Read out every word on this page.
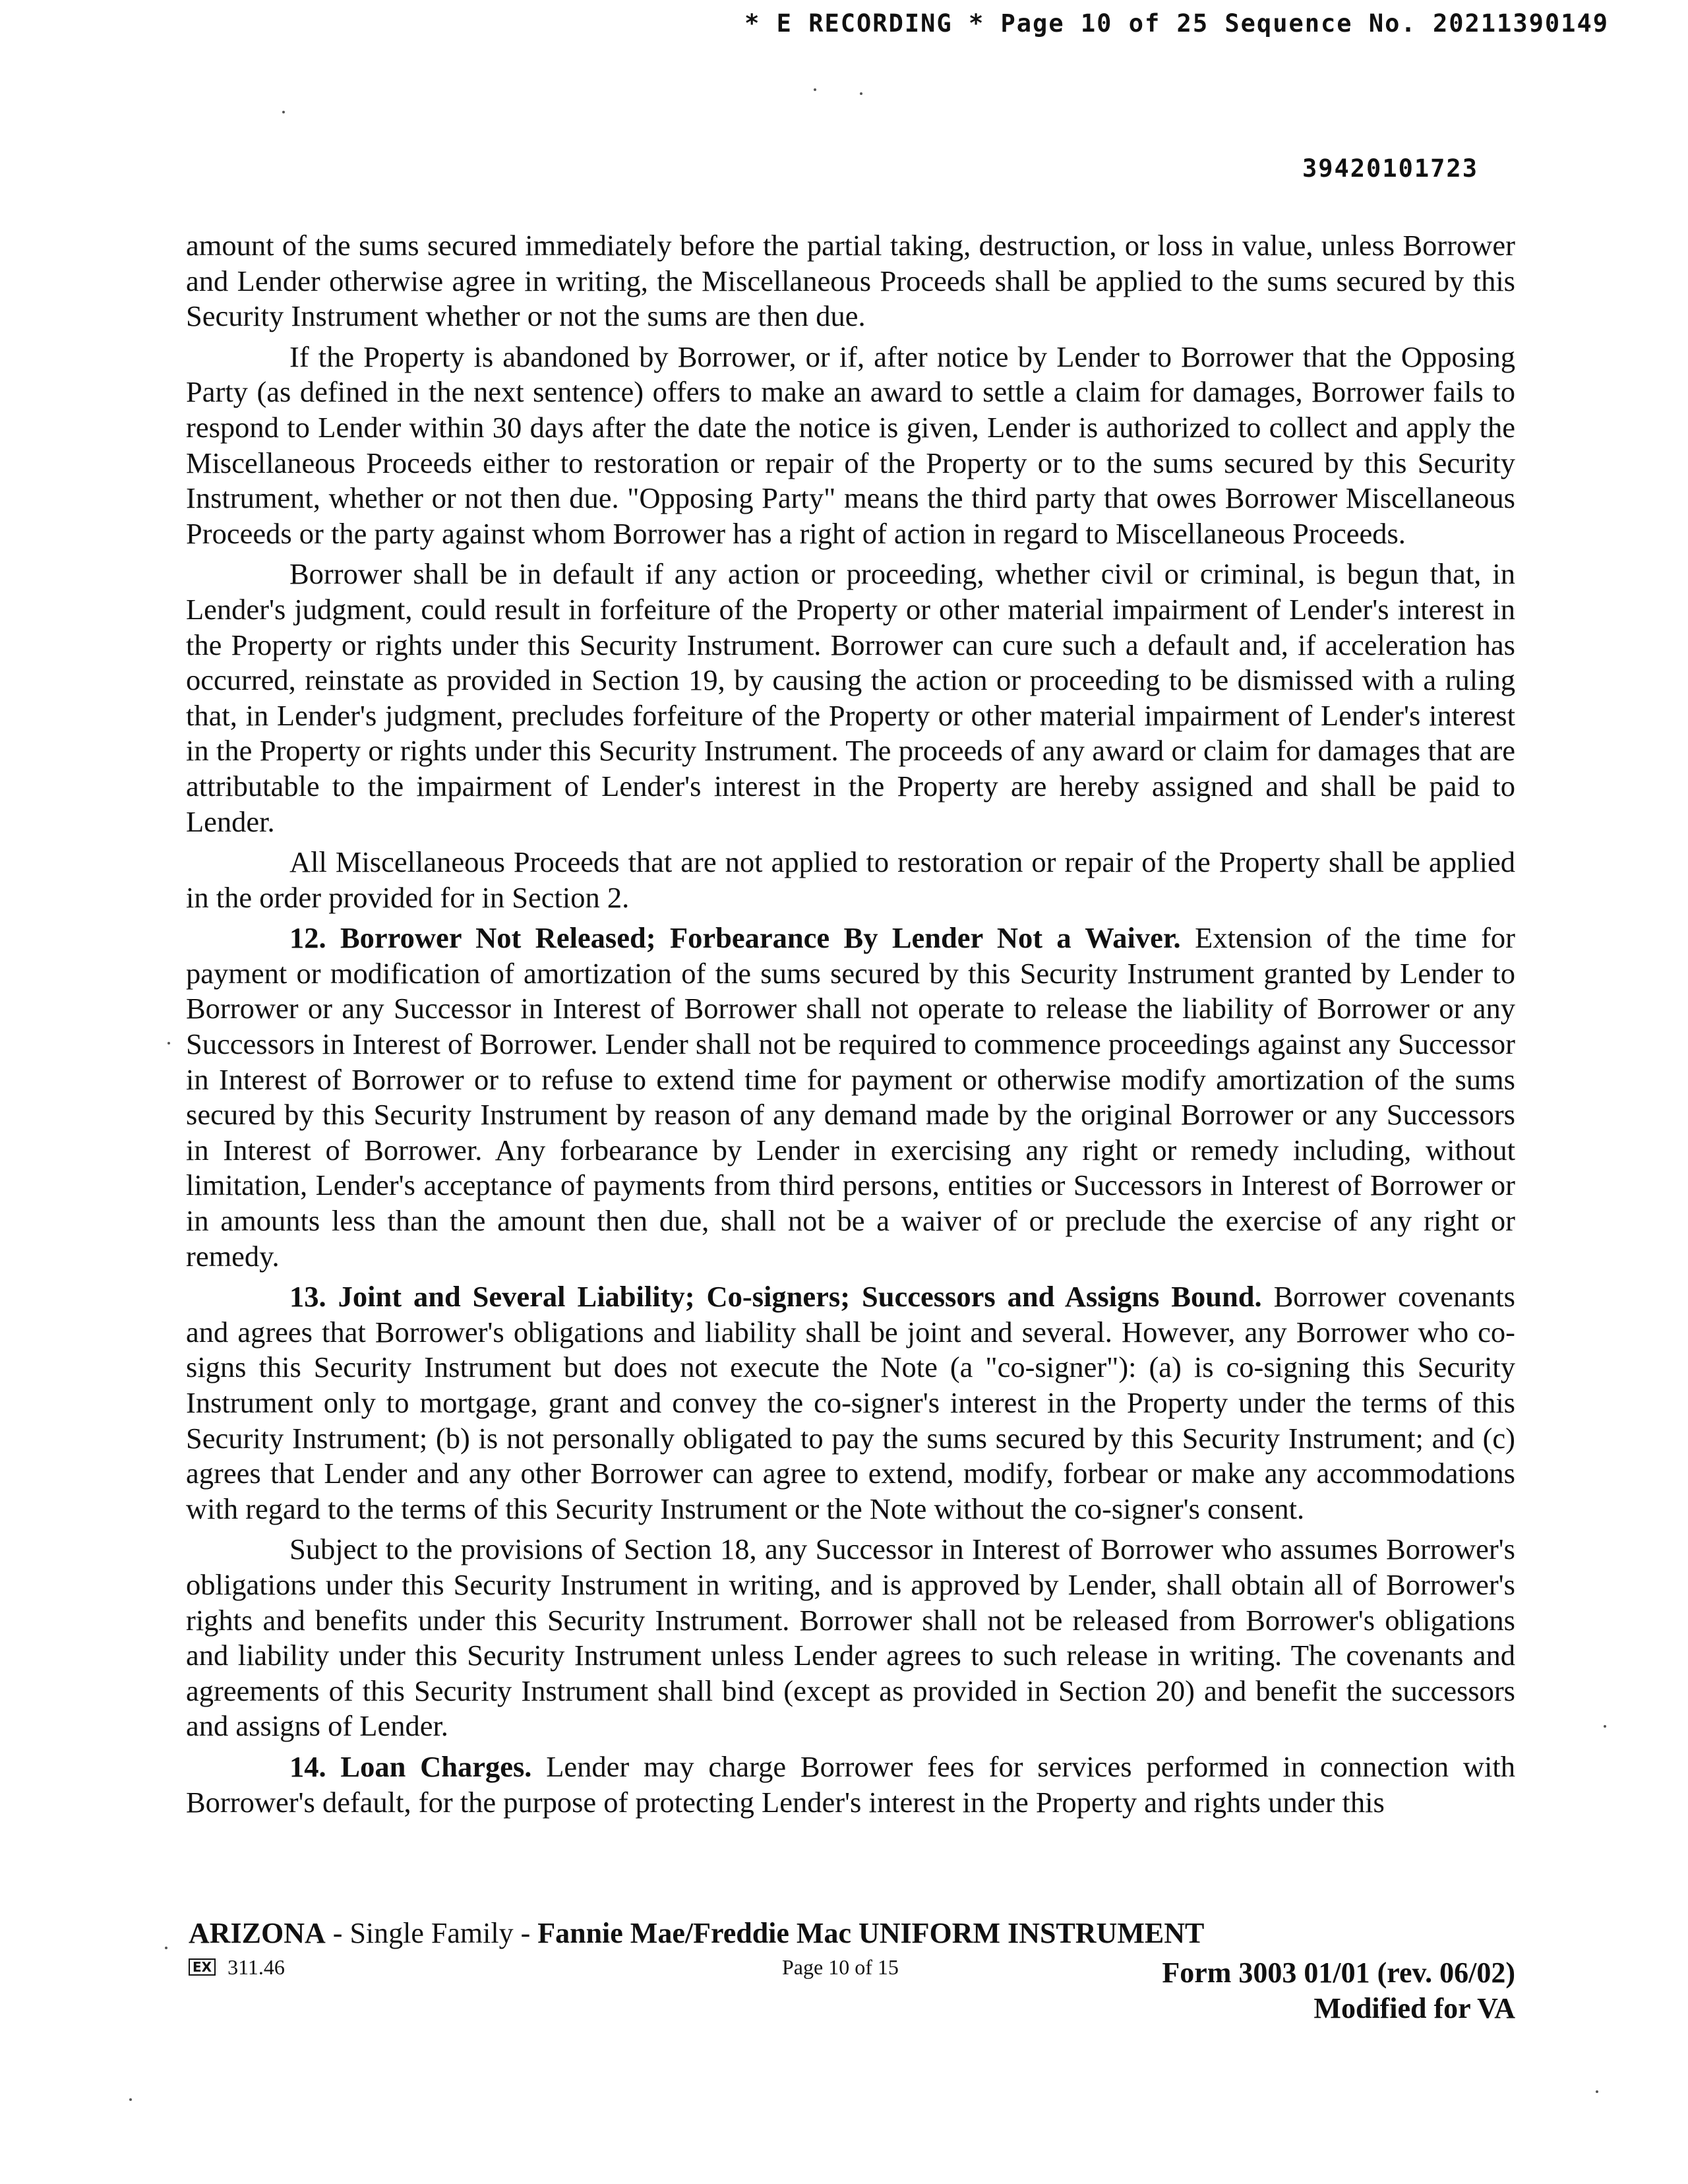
* E RECORDING * Page 10 of 25 Sequence No. 20211390149
39420101723

amount of the sums secured immediately before the partial taking, destruction, or loss in value, unless Borrower and Lender otherwise agree in writing, the Miscellaneous Proceeds shall be applied to the sums secured by this Security Instrument whether or not the sums are then due.

If the Property is abandoned by Borrower, or if, after notice by Lender to Borrower that the Opposing Party (as defined in the next sentence) offers to make an award to settle a claim for damages, Borrower fails to respond to Lender within 30 days after the date the notice is given, Lender is authorized to collect and apply the Miscellaneous Proceeds either to restoration or repair of the Property or to the sums secured by this Security Instrument, whether or not then due. "Opposing Party" means the third party that owes Borrower Miscellaneous Proceeds or the party against whom Borrower has a right of action in regard to Miscellaneous Proceeds.

Borrower shall be in default if any action or proceeding, whether civil or criminal, is begun that, in Lender's judgment, could result in forfeiture of the Property or other material impairment of Lender's interest in the Property or rights under this Security Instrument. Borrower can cure such a default and, if acceleration has occurred, reinstate as provided in Section 19, by causing the action or proceeding to be dismissed with a ruling that, in Lender's judgment, precludes forfeiture of the Property or other material impairment of Lender's interest in the Property or rights under this Security Instrument. The proceeds of any award or claim for damages that are attributable to the impairment of Lender's interest in the Property are hereby assigned and shall be paid to Lender.

All Miscellaneous Proceeds that are not applied to restoration or repair of the Property shall be applied in the order provided for in Section 2.

12. Borrower Not Released; Forbearance By Lender Not a Waiver. Extension of the time for payment or modification of amortization of the sums secured by this Security Instrument granted by Lender to Borrower or any Successor in Interest of Borrower shall not operate to release the liability of Borrower or any Successors in Interest of Borrower. Lender shall not be required to commence proceedings against any Successor in Interest of Borrower or to refuse to extend time for payment or otherwise modify amortization of the sums secured by this Security Instrument by reason of any demand made by the original Borrower or any Successors in Interest of Borrower. Any forbearance by Lender in exercising any right or remedy including, without limitation, Lender's acceptance of payments from third persons, entities or Successors in Interest of Borrower or in amounts less than the amount then due, shall not be a waiver of or preclude the exercise of any right or remedy.

13. Joint and Several Liability; Co-signers; Successors and Assigns Bound. Borrower covenants and agrees that Borrower's obligations and liability shall be joint and several. However, any Borrower who co-signs this Security Instrument but does not execute the Note (a "co-signer"): (a) is co-signing this Security Instrument only to mortgage, grant and convey the co-signer's interest in the Property under the terms of this Security Instrument; (b) is not personally obligated to pay the sums secured by this Security Instrument; and (c) agrees that Lender and any other Borrower can agree to extend, modify, forbear or make any accommodations with regard to the terms of this Security Instrument or the Note without the co-signer's consent.

Subject to the provisions of Section 18, any Successor in Interest of Borrower who assumes Borrower's obligations under this Security Instrument in writing, and is approved by Lender, shall obtain all of Borrower's rights and benefits under this Security Instrument. Borrower shall not be released from Borrower's obligations and liability under this Security Instrument unless Lender agrees to such release in writing. The covenants and agreements of this Security Instrument shall bind (except as provided in Section 20) and benefit the successors and assigns of Lender.

14. Loan Charges. Lender may charge Borrower fees for services performed in connection with Borrower's default, for the purpose of protecting Lender's interest in the Property and rights under this

ARIZONA - Single Family - Fannie Mae/Freddie Mac UNIFORM INSTRUMENT
EX 311.46	Page 10 of 15	Form 3003 01/01 (rev. 06/02)
Modified for VA
